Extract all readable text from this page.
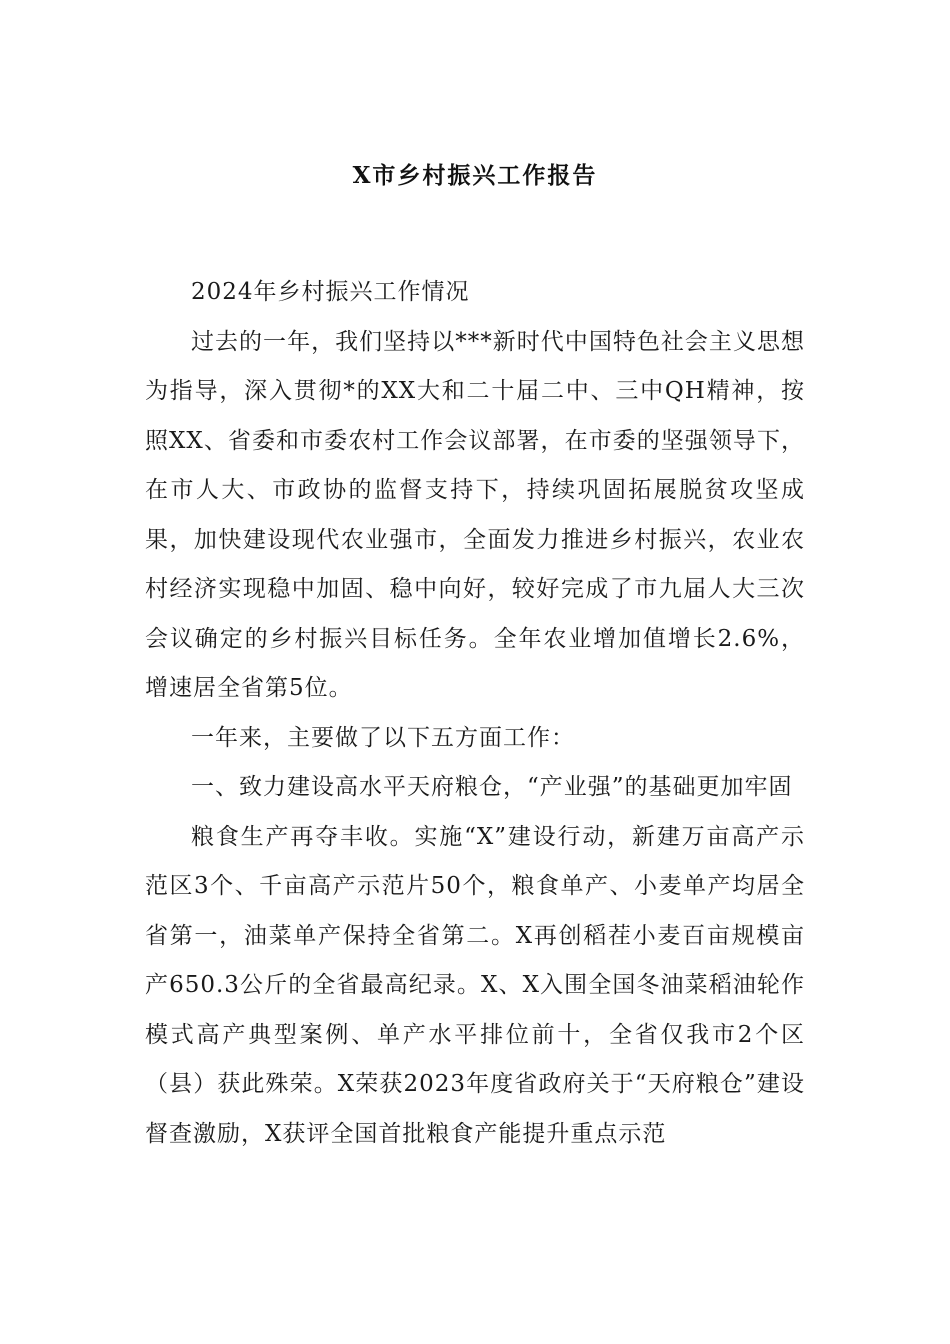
X市乡村振兴工作报告

2024年乡村振兴工作情况

过去的一年，我们坚持以***新时代中国特色社会主义思想为指导，深入贯彻*的XX大和二十届二中、三中QH精神，按照XX、省委和市委农村工作会议部署，在市委的坚强领导下，在市人大、市政协的监督支持下，持续巩固拓展脱贫攻坚成果，加快建设现代农业强市，全面发力推进乡村振兴，农业农村经济实现稳中加固、稳中向好，较好完成了市九届人大三次会议确定的乡村振兴目标任务。全年农业增加值增长2.6%，增速居全省第5位。

一年来，主要做了以下五方面工作：

一、致力建设高水平天府粮仓，“产业强”的基础更加牢固

粮食生产再夺丰收。实施“X”建设行动，新建万亩高产示范区3个、千亩高产示范片50个，粮食单产、小麦单产均居全省第一，油菜单产保持全省第二。X再创稻茬小麦百亩规模亩产650.3公斤的全省最高纪录。X、X入围全国冬油菜稻油轮作模式高产典型案例、单产水平排位前十，全省仅我市2个区（县）获此殊荣。X荣获2023年度省政府关于“天府粮仓”建设督查激励，X获评全国首批粮食产能提升重点示范
